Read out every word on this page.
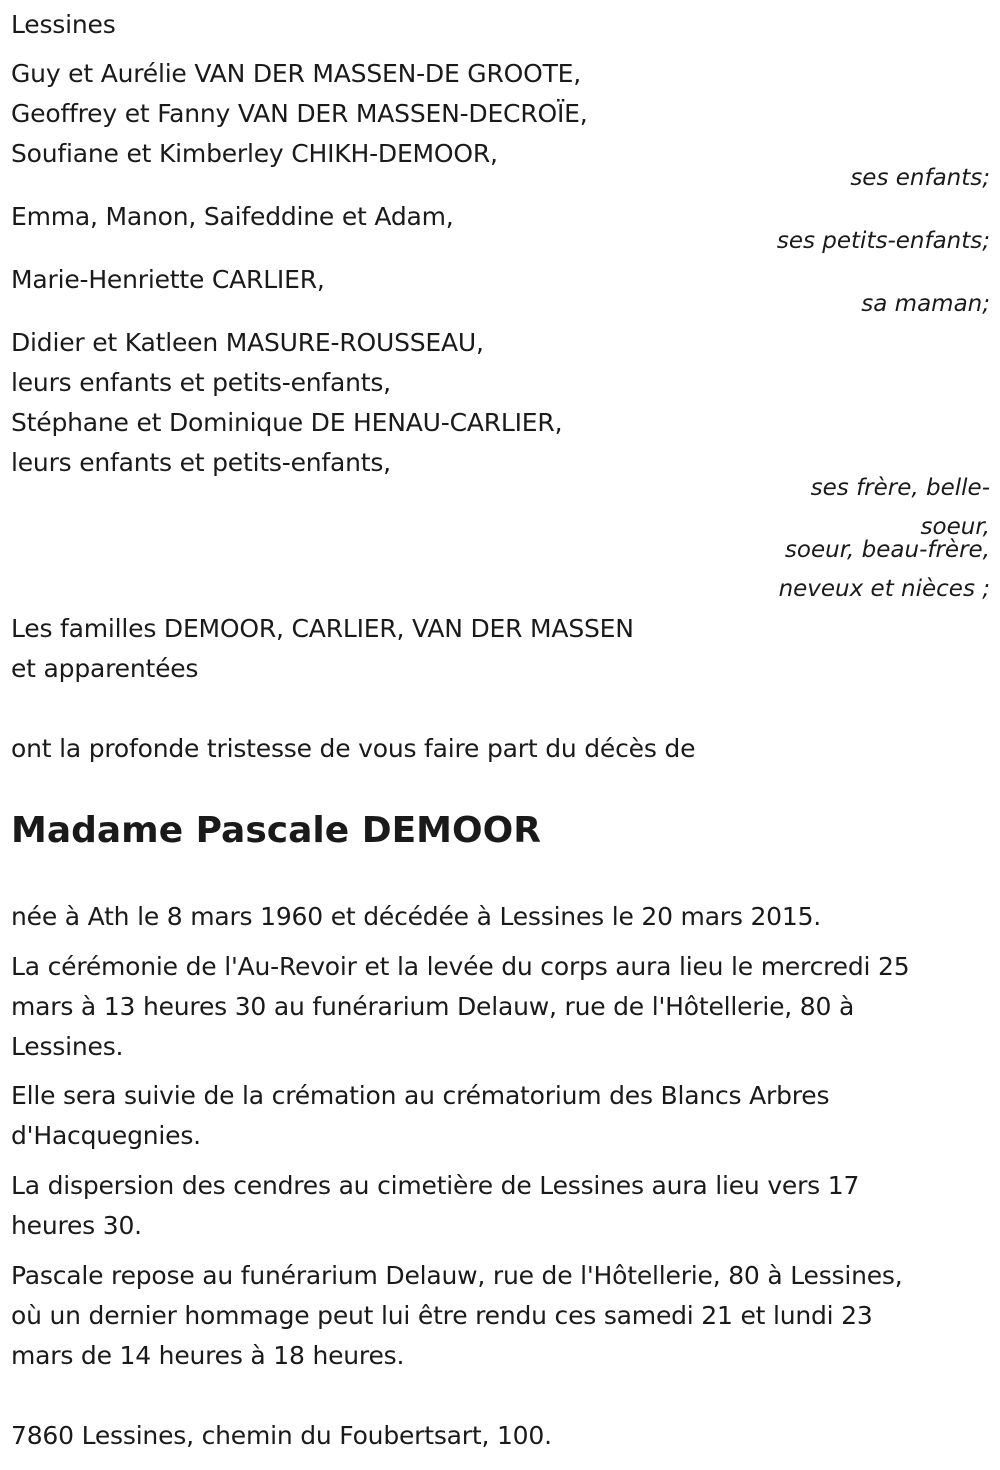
Lessines
Guy et Aurélie VAN DER MASSEN-DE GROOTE,
Geoffrey et Fanny VAN DER MASSEN-DECROÏE,
Soufiane et Kimberley CHIKH-DEMOOR,
ses enfants;
Emma, Manon, Saifeddine et Adam,
ses petits-enfants;
Marie-Henriette CARLIER,
sa maman;
Didier et Katleen MASURE-ROUSSEAU,
leurs enfants et petits-enfants,
Stéphane et Dominique DE HENAU-CARLIER,
leurs enfants et petits-enfants,
ses frère, belle-
soeur,
soeur, beau-frère,
neveux et nièces ;
Les familles DEMOOR, CARLIER, VAN DER MASSEN
et apparentées
ont la profonde tristesse de vous faire part du décès de
Madame Pascale DEMOOR
née à Ath le 8 mars 1960 et décédée à Lessines le 20 mars 2015.
La cérémonie de l'Au-Revoir et la levée du corps aura lieu le mercredi 25
mars à 13 heures 30 au funérarium Delauw, rue de l'Hôtellerie, 80 à
Lessines.
Elle sera suivie de la crémation au crématorium des Blancs Arbres
d'Hacquegnies.
La dispersion des cendres au cimetière de Lessines aura lieu vers 17
heures 30.
Pascale repose au funérarium Delauw, rue de l'Hôtellerie, 80 à Lessines,
où un dernier hommage peut lui être rendu ces samedi 21 et lundi 23
mars de 14 heures à 18 heures.
7860 Lessines, chemin du Foubertsart, 100.
